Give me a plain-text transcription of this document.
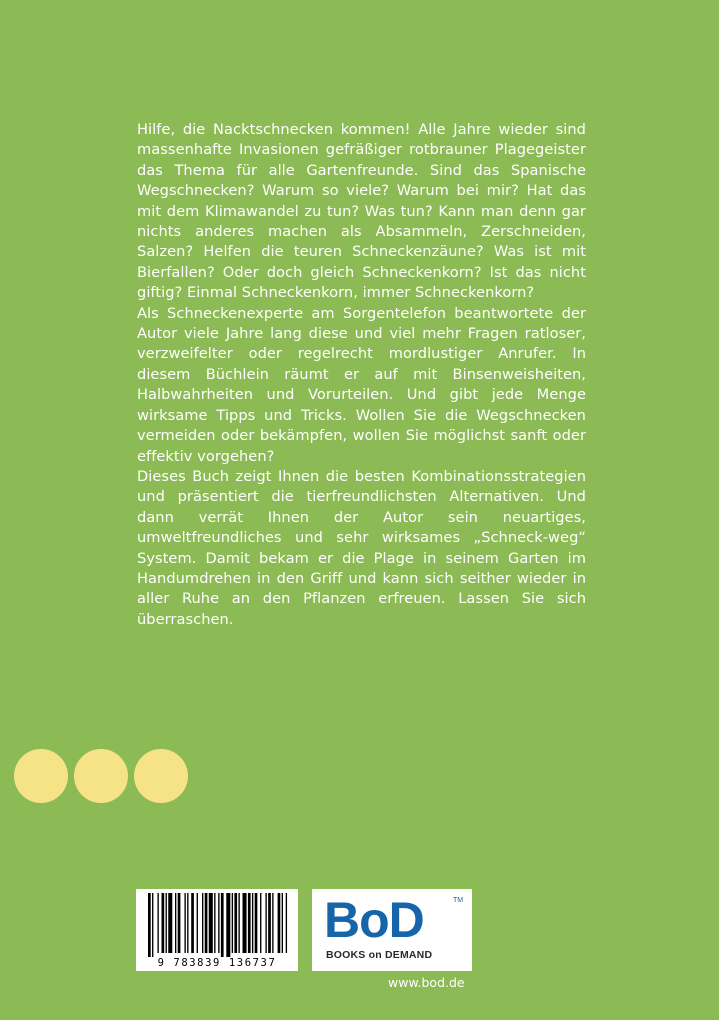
Hilfe, die Nacktschnecken kommen! Alle Jahre wieder sind massenhafte Invasionen gefräßiger rotbrauner Plagegeister das Thema für alle Gartenfreunde. Sind das Spanische Wegschnecken? Warum so viele? Warum bei mir? Hat das mit dem Klimawandel zu tun? Was tun? Kann man denn gar nichts anderes machen als Absammeln, Zerschneiden, Salzen? Helfen die teuren Schneckenzäune? Was ist mit Bierfallen? Oder doch gleich Schneckenkorn? Ist das nicht giftig? Einmal Schneckenkorn, immer Schneckenkorn?

Als Schneckenexperte am Sorgentelefon beantwortete der Autor viele Jahre lang diese und viel mehr Fragen ratloser, verzweifelter oder regelrecht mordlustiger Anrufer. In diesem Büchlein räumt er auf mit Binsenweisheiten, Halbwahrheiten und Vorurteilen. Und gibt jede Menge wirksame Tipps und Tricks. Wollen Sie die Wegschnecken vermeiden oder bekämpfen, wollen Sie möglichst sanft oder effektiv vorgehen?

Dieses Buch zeigt Ihnen die besten Kombinationsstrategien und präsentiert die tierfreundlichsten Alternativen. Und dann verrät Ihnen der Autor sein neuartiges, umweltfreundliches und sehr wirksames „Schneck-weg“ System. Damit bekam er die Plage in seinem Garten im Handumdrehen in den Griff und kann sich seither wieder in aller Ruhe an den Pflanzen erfreuen. Lassen Sie sich überraschen.

9 783839 136737
BoD	TM
BOOKS on DEMAND
www.bod.de
